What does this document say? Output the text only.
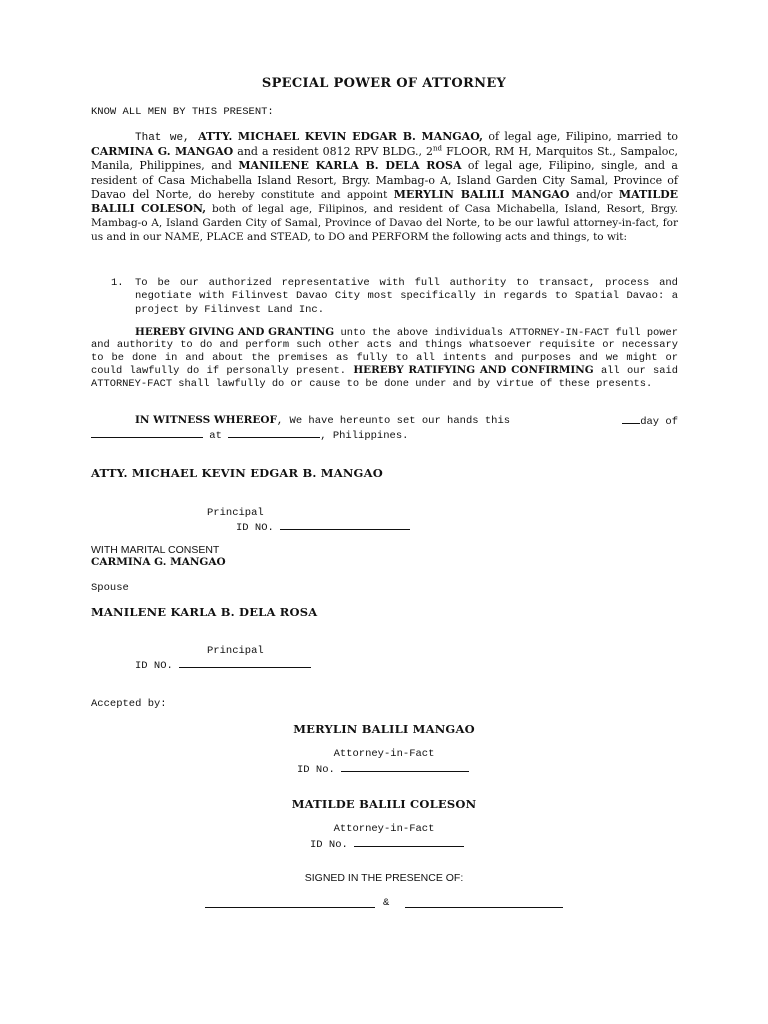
SPECIAL POWER OF ATTORNEY
KNOW ALL MEN BY THIS PRESENT:
That we, ATTY. MICHAEL KEVIN EDGAR B. MANGAO, of legal age, Filipino, married to CARMINA G. MANGAO and a resident 0812 RPV BLDG., 2nd FLOOR, RM H, Marquitos St., Sampaloc, Manila, Philippines, and MANILENE KARLA B. DELA ROSA of legal age, Filipino, single, and a resident of Casa Michabella Island Resort, Brgy. Mambag-o A, Island Garden City Samal, Province of Davao del Norte, do hereby constitute and appoint MERYLIN BALILI MANGAO and/or MATILDE BALILI COLESON, both of legal age, Filipinos, and resident of Casa Michabella, Island, Resort, Brgy. Mambag-o A, Island Garden City of Samal, Province of Davao del Norte, to be our lawful attorney-in-fact, for us and in our NAME, PLACE and STEAD, to DO and PERFORM the following acts and things, to wit:
1. To be our authorized representative with full authority to transact, process and negotiate with Filinvest Davao City most specifically in regards to Spatial Davao: a project by Filinvest Land Inc.
HEREBY GIVING AND GRANTING unto the above individuals ATTORNEY-IN-FACT full power and authority to do and perform such other acts and things whatsoever requisite or necessary to be done in and about the premises as fully to all intents and purposes and we might or could lawfully do if personally present. HEREBY RATIFYING AND CONFIRMING all our said ATTORNEY-FACT shall lawfully do or cause to be done under and by virtue of these presents.
IN WITNESS WHEREOF, We have hereunto set our hands this	day of
at	, Philippines.
ATTY. MICHAEL KEVIN EDGAR B. MANGAO
Principal
ID NO.
WITH MARITAL CONSENT
CARMINA G. MANGAO
Spouse
MANILENE KARLA B. DELA ROSA
Principal
ID NO.
Accepted by:
MERYLIN BALILI MANGAO
Attorney-in-Fact
ID No.
MATILDE BALILI COLESON
Attorney-in-Fact
ID No.
SIGNED IN THE PRESENCE OF:
&
